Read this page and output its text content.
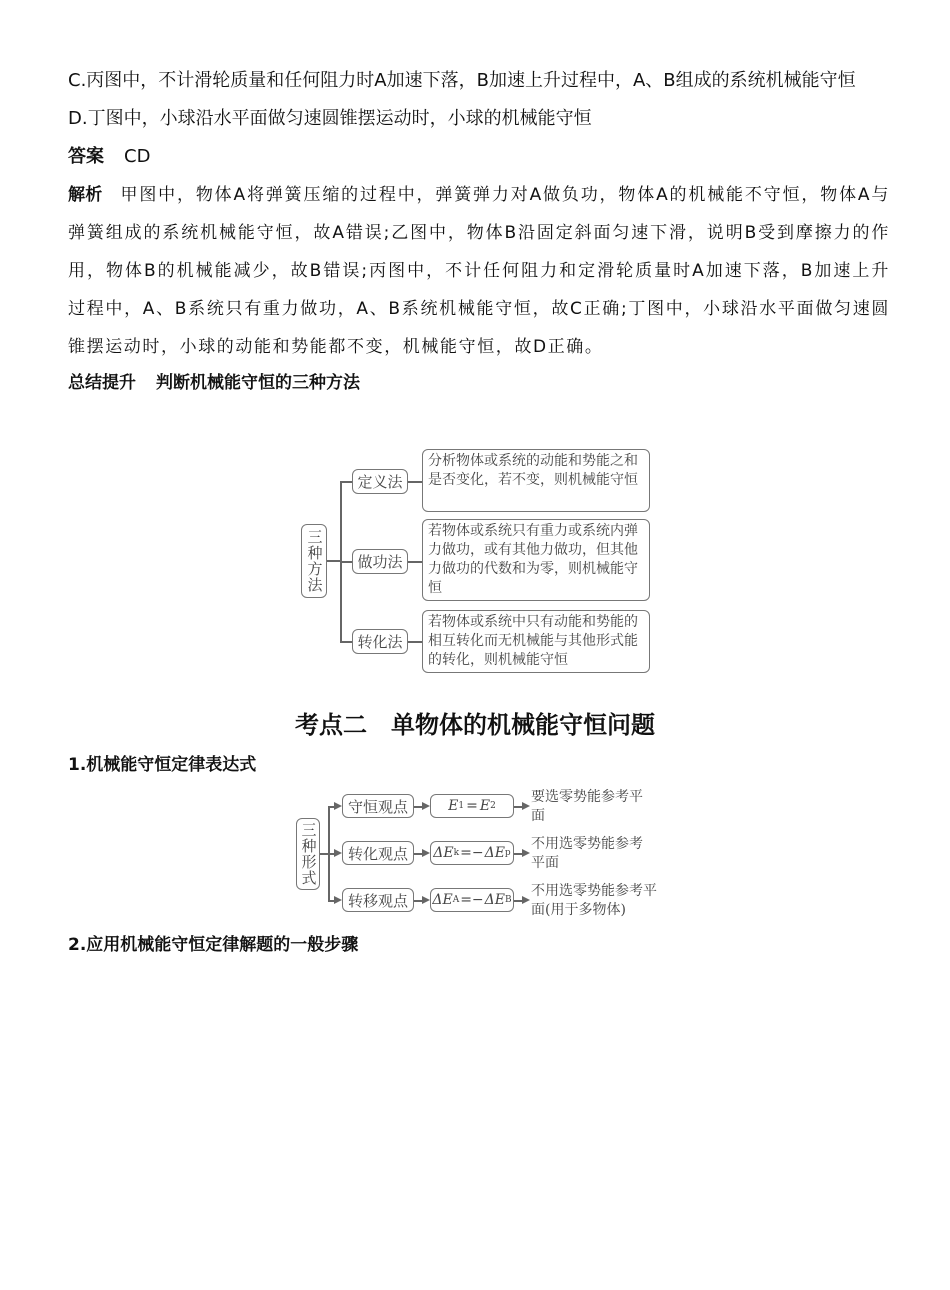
C.丙图中，不计滑轮质量和任何阻力时A加速下落，B加速上升过程中，A、B组成的系统机械能守恒

D.丁图中，小球沿水平面做匀速圆锥摆运动时，小球的机械能守恒

答案 CD

解析 甲图中，物体A将弹簧压缩的过程中，弹簧弹力对A做负功，物体A的机械能不守恒，物体A与弹簧组成的系统机械能守恒，故A错误;乙图中，物体B沿固定斜面匀速下滑，说明B受到摩擦力的作用，物体B的机械能减少，故B错误;丙图中，不计任何阻力和定滑轮质量时A加速下落，B加速上升过程中，A、B系统只有重力做功，A、B系统机械能守恒，故C正确;丁图中，小球沿水平面做匀速圆锥摆运动时，小球的动能和势能都不变，机械能守恒，故D正确。

总结提升 判断机械能守恒的三种方法

三种方法
定义法
做功法
转化法
分析物体或系统的动能和势能之和是否变化，若不变，则机械能守恒
若物体或系统只有重力或系统内弹力做功，或有其他力做功，但其他力做功的代数和为零，则机械能守恒
若物体或系统中只有动能和势能的相互转化而无机械能与其他形式能的转化，则机械能守恒

考点二　单物体的机械能守恒问题

1.机械能守恒定律表达式

三种形式
守恒观点
转化观点
转移观点
E 1 = E 2
ΔE k =− ΔE p
ΔE A =− ΔE B
要选零势能参考平面
不用选零势能参考平面
不用选零势能参考平面(用于多物体)

2.应用机械能守恒定律解题的一般步骤
